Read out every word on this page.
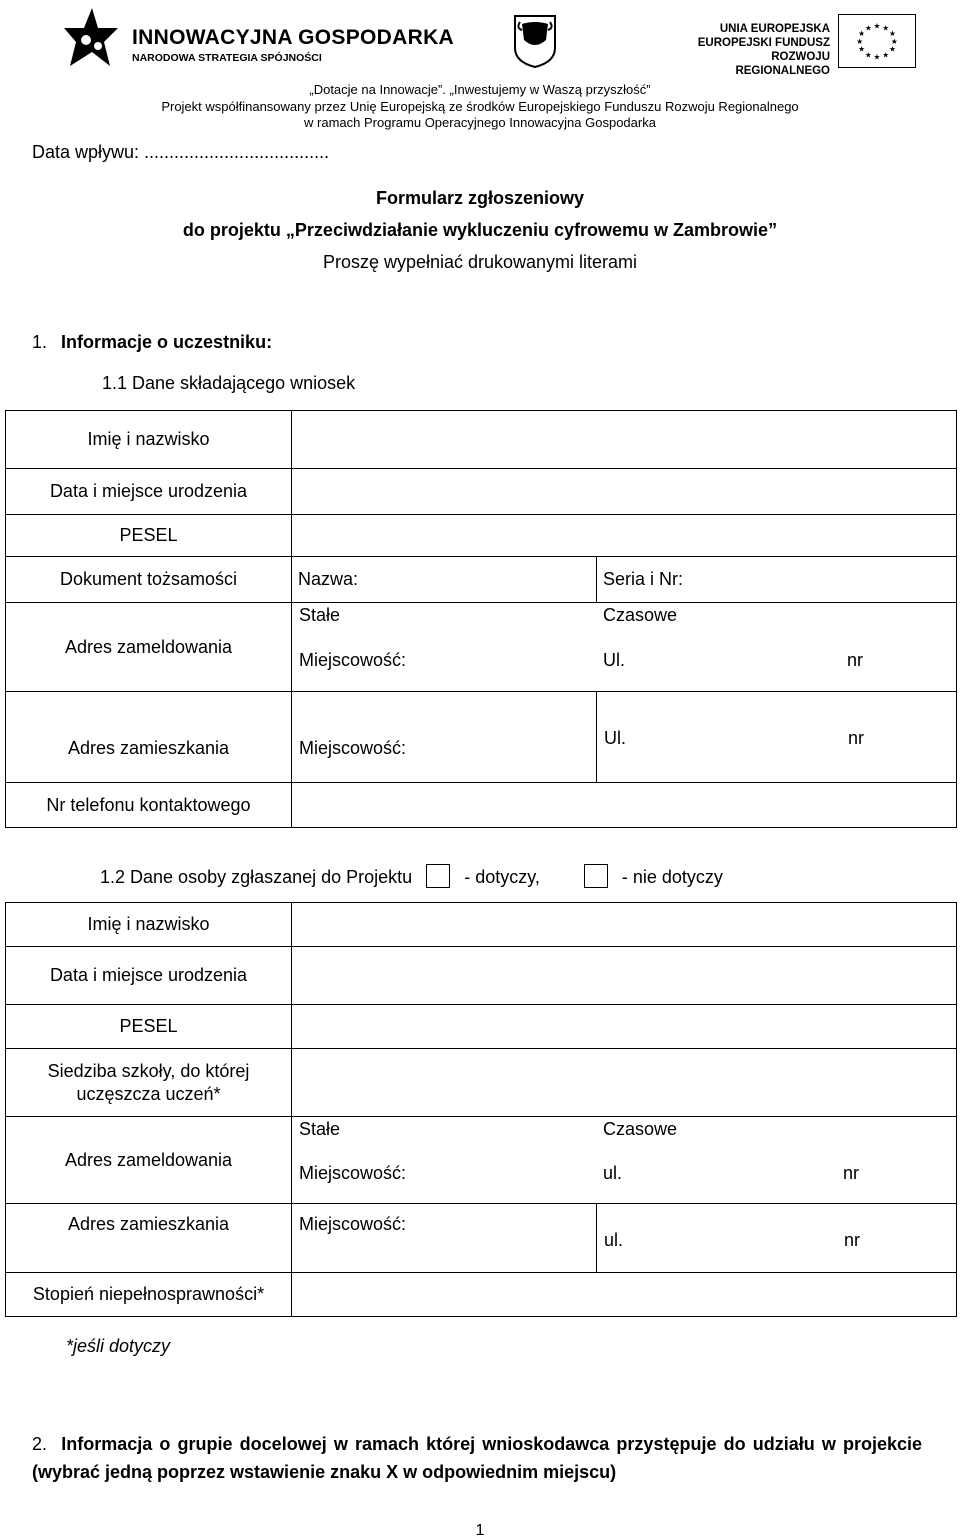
INNOWACYJNA GOSPODARKA
NARODOWA STRATEGIA SPÓJNOŚCI
UNIA EUROPEJSKA
EUROPEJSKI FUNDUSZ
ROZWOJU REGIONALNEGO
★ ★
★
★
★
★
★
★
★
★
★
★
„Dotacje na Innowacje”. „Inwestujemy w Waszą przyszłość”
Projekt współfinansowany przez Unię Europejską ze środków Europejskiego Funduszu Rozwoju Regionalnego
w ramach Programu Operacyjnego Innowacyjna Gospodarka
Data wpływu: .....................................
Formularz zgłoszeniowy
do projektu „Przeciwdziałanie wykluczeniu cyfrowemu w Zambrowie”
Proszę wypełniać drukowanymi literami
1. Informacje o uczestniku:
1.1 Dane składającego wniosek
Imię i nazwisko		
Data i miejsce urodzenia		
PESEL		
Dokument tożsamości	Nazwa:	Seria i Nr:
Adres zameldowania	Stałe Czasowe
Miejscowość: Ul. nr	

Adres zamieszkania	Miejscowość:	Ul. nr

Nr telefonu kontaktowego		
1.2 Dane osoby zgłaszanej do Projektu	- dotyczy,	- nie dotyczy
Imię i nazwisko		
Data i miejsce urodzenia		
PESEL		

Siedziba szkoły, do której
uczęszcza uczeń*		

Adres zameldowania	Stałe Czasowe
Miejscowość: ul. nr	

Adres zamieszkania	Miejscowość:	ul. nr

Stopień niepełnosprawności*		
*jeśli dotyczy
2. Informacja o grupie docelowej w ramach której wnioskodawca przystępuje do udziału w projekcie (wybrać jedną poprzez wstawienie znaku X w odpowiednim miejscu)
1
